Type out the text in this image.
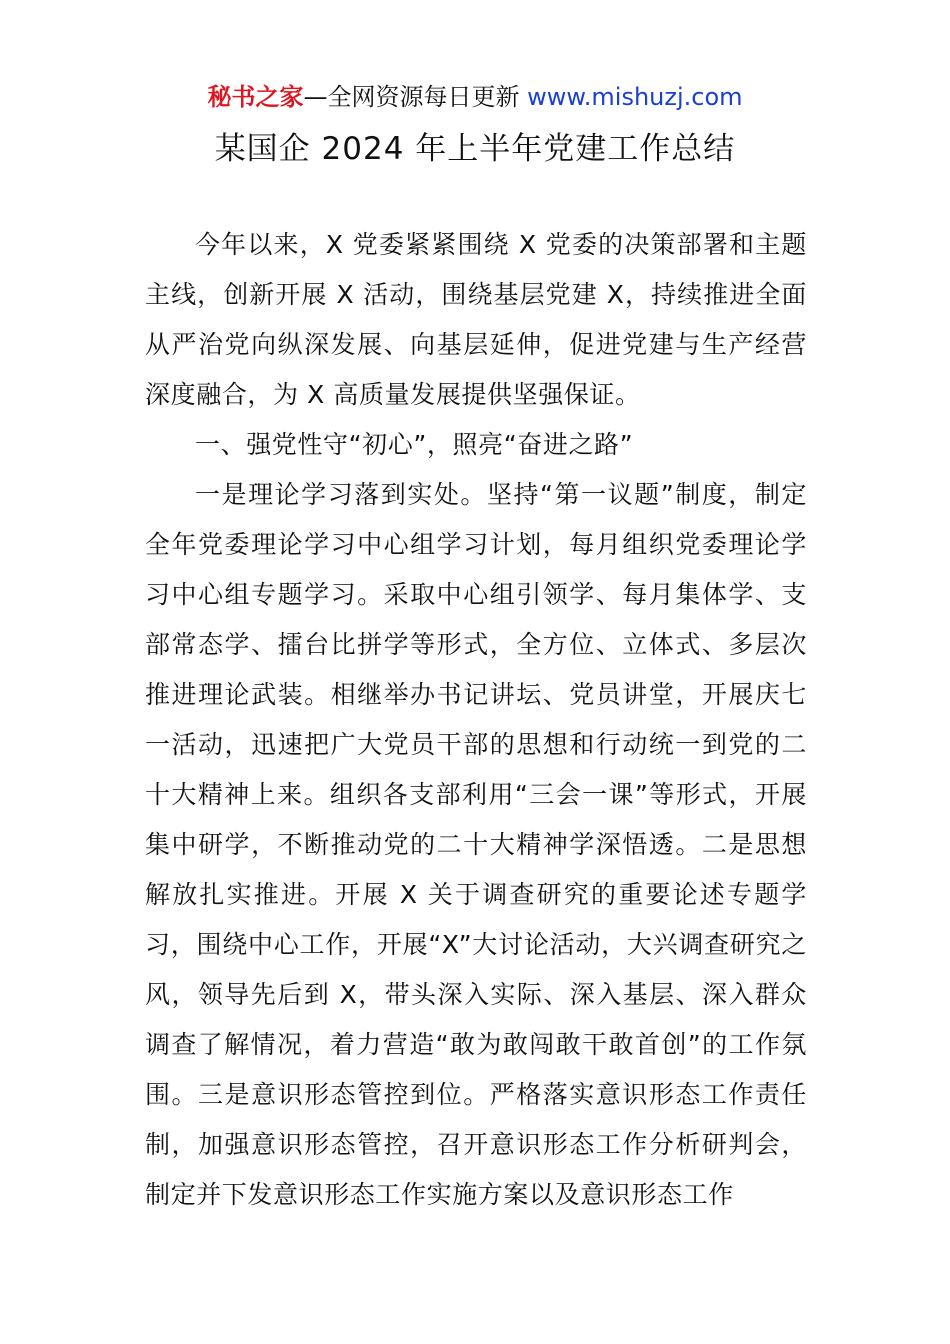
秘书之家—全网资源每日更新 www.mishuzj.com
某国企 2024 年上半年党建工作总结

今年以来，X 党委紧紧围绕 X 党委的决策部署和主题主线，创新开展 X 活动，围绕基层党建 X，持续推进全面从严治党向纵深发展、向基层延伸，促进党建与生产经营深度融合，为 X 高质量发展提供坚强保证。

一、强党性守“初心”，照亮“奋进之路”

一是理论学习落到实处。坚持“第一议题”制度，制定全年党委理论学习中心组学习计划，每月组织党委理论学习中心组专题学习。采取中心组引领学、每月集体学、支部常态学、擂台比拼学等形式，全方位、立体式、多层次推进理论武装。相继举办书记讲坛、党员讲堂，开展庆七一活动，迅速把广大党员干部的思想和行动统一到党的二十大精神上来。组织各支部利用“三会一课”等形式，开展集中研学，不断推动党的二十大精神学深悟透。二是思想解放扎实推进。开展 X 关于调查研究的重要论述专题学习，围绕中心工作，开展“X”大讨论活动，大兴调查研究之风，领导先后到 X，带头深入实际、深入基层、深入群众调查了解情况，着力营造“敢为敢闯敢干敢首创”的工作氛围。三是意识形态管控到位。严格落实意识形态工作责任制，加强意识形态管控，召开意识形态工作分析研判会，制定并下发意识形态工作实施方案以及意识形态工作
